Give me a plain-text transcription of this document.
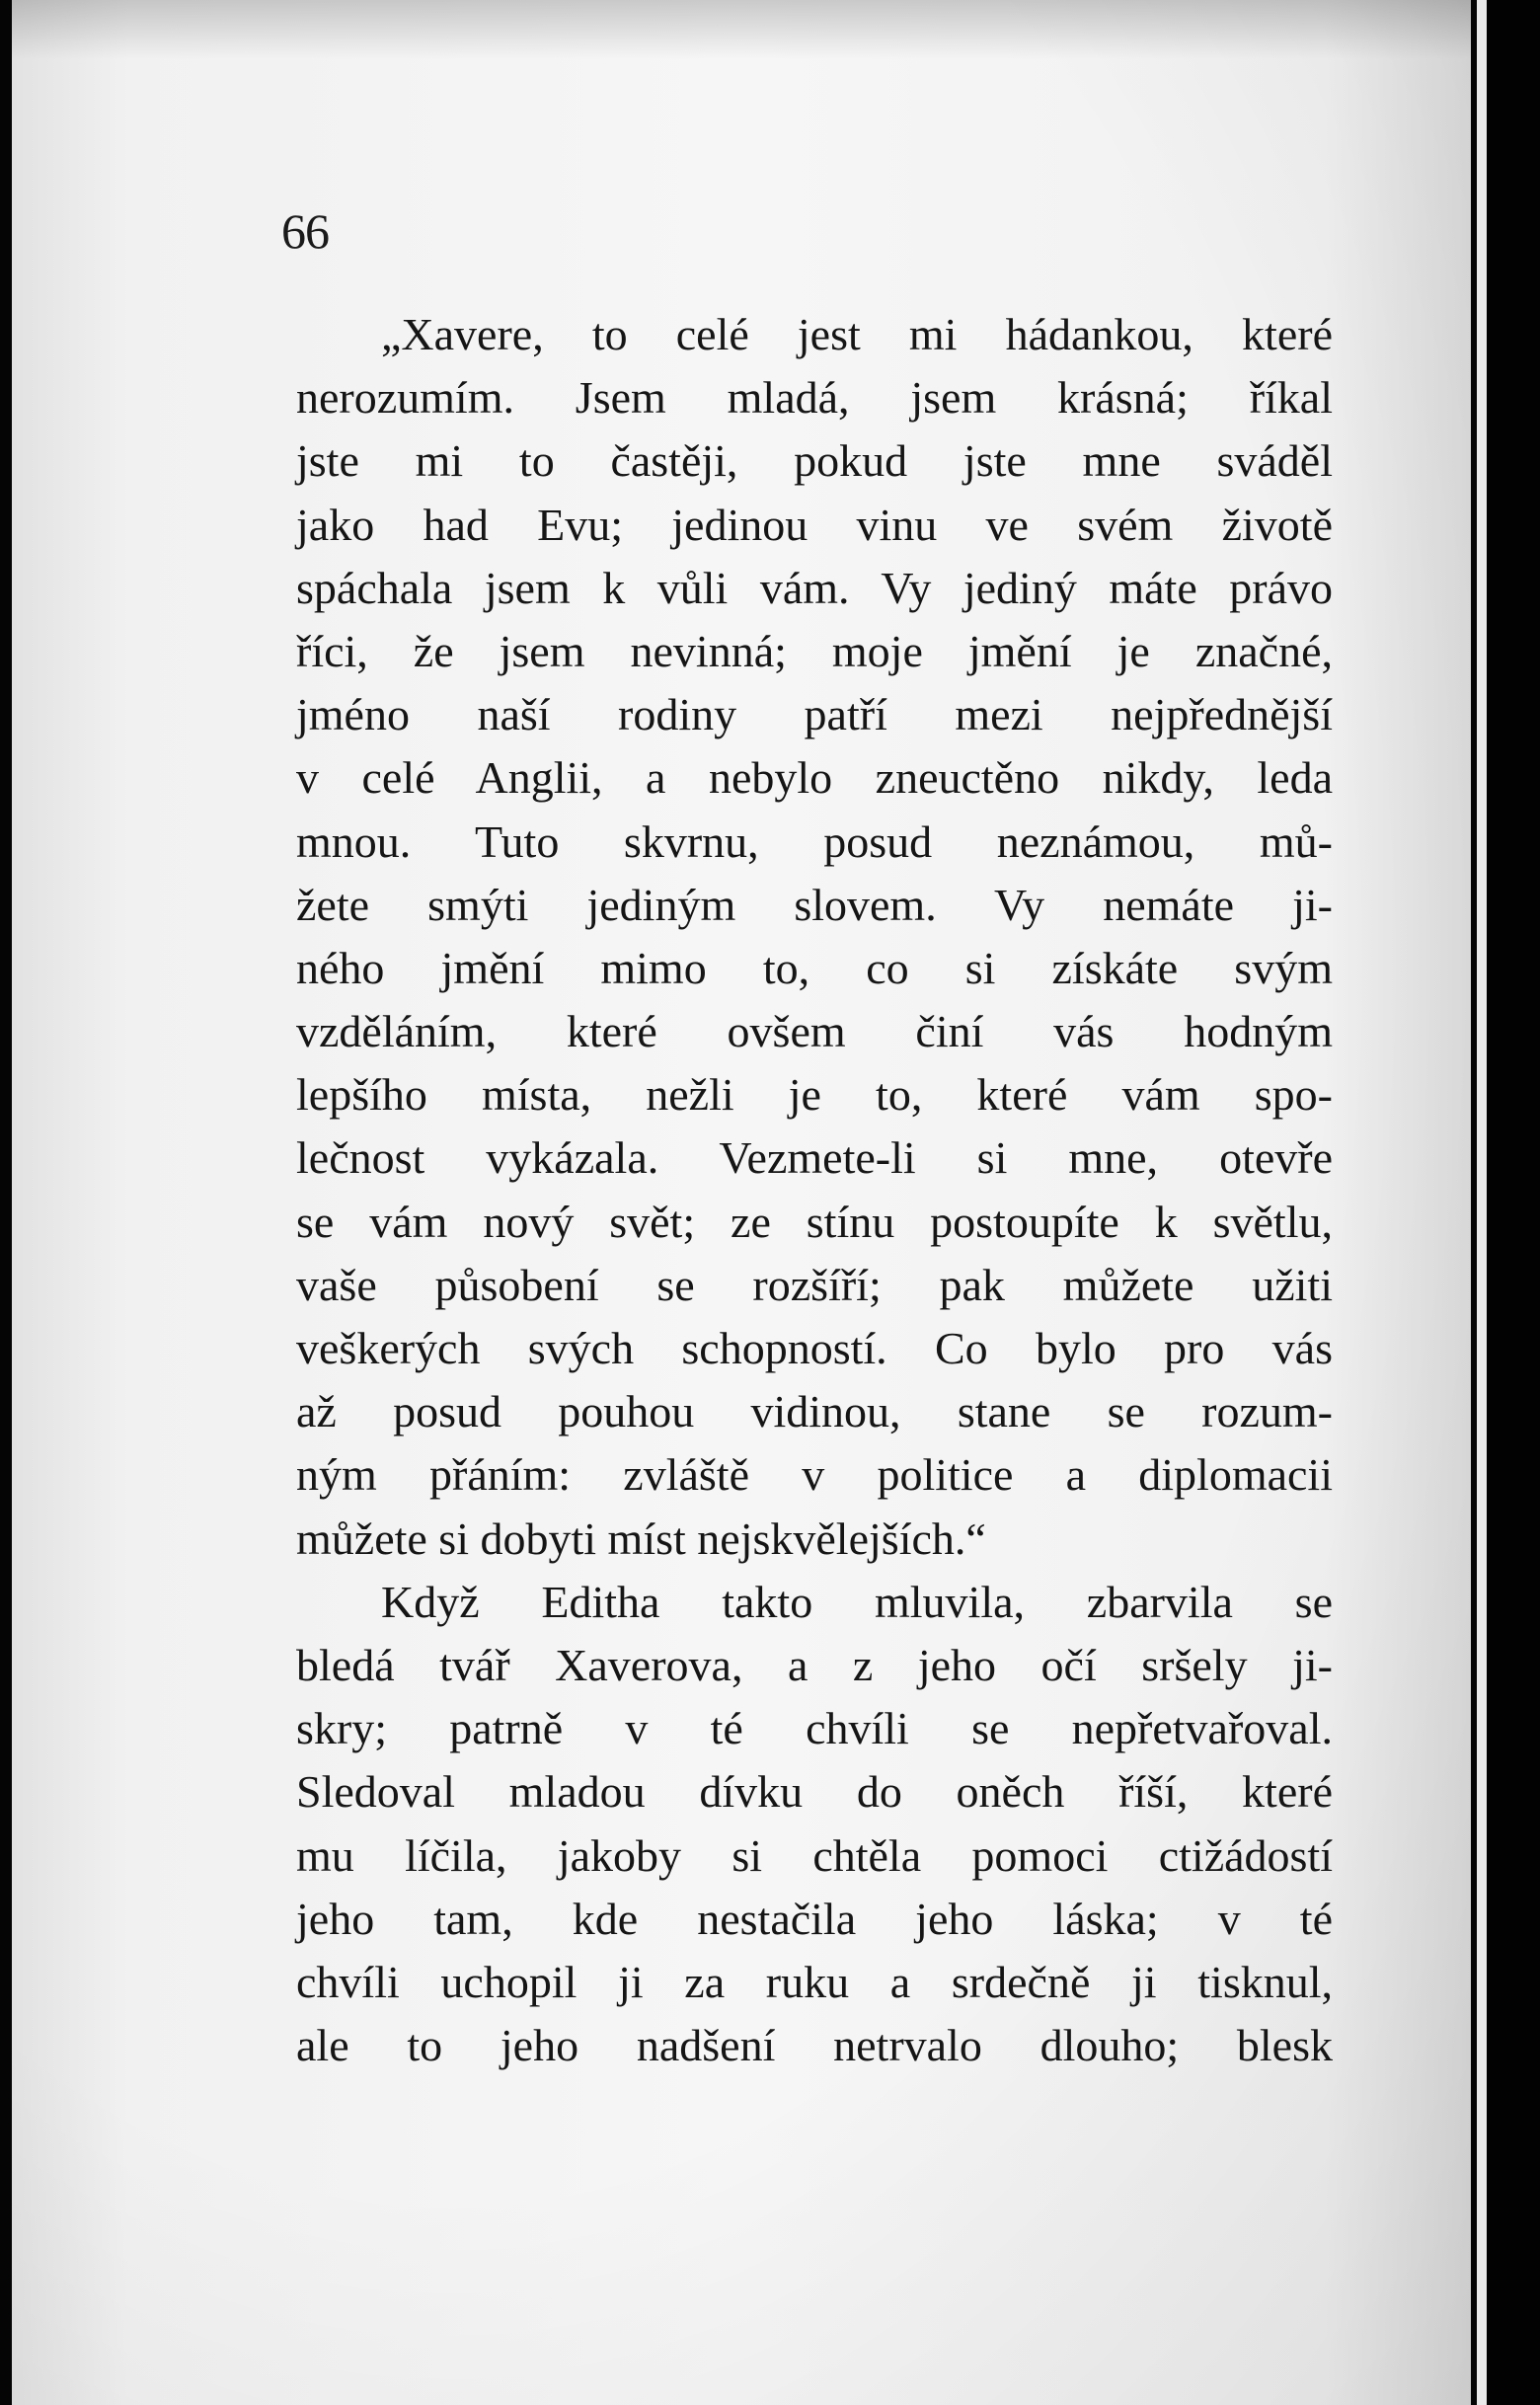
66
„Xavere, to celé jest mi hádankou, které
nerozumím. Jsem mladá, jsem krásná; říkal
jste mi to častěji, pokud jste mne sváděl
jako had Evu; jedinou vinu ve svém životě
spáchala jsem k vůli vám. Vy jediný máte právo
říci, že jsem nevinná; moje jmění je značné,
jméno naší rodiny patří mezi nejpřednější
v celé Anglii, a nebylo zneuctěno nikdy, leda
mnou. Tuto skvrnu, posud neznámou, mů-
žete smýti jediným slovem. Vy nemáte ji-
ného jmění mimo to, co si získáte svým
vzděláním, které ovšem činí vás hodným
lepšího místa, nežli je to, které vám spo-
lečnost vykázala. Vezmete-li si mne, otevře
se vám nový svět; ze stínu postoupíte k světlu,
vaše působení se rozšíří; pak můžete užiti
veškerých svých schopností. Co bylo pro vás
až posud pouhou vidinou, stane se rozum-
ným přáním: zvláště v politice a diplomacii
můžete si dobyti míst nejskvělejších.“
Když Editha takto mluvila, zbarvila se
bledá tvář Xaverova, a z jeho očí sršely ji-
skry; patrně v té chvíli se nepřetvařoval.
Sledoval mladou dívku do oněch říší, které
mu líčila, jakoby si chtěla pomoci ctižádostí
jeho tam, kde nestačila jeho láska; v té
chvíli uchopil ji za ruku a srdečně ji tisknul,
ale to jeho nadšení netrvalo dlouho; blesk
